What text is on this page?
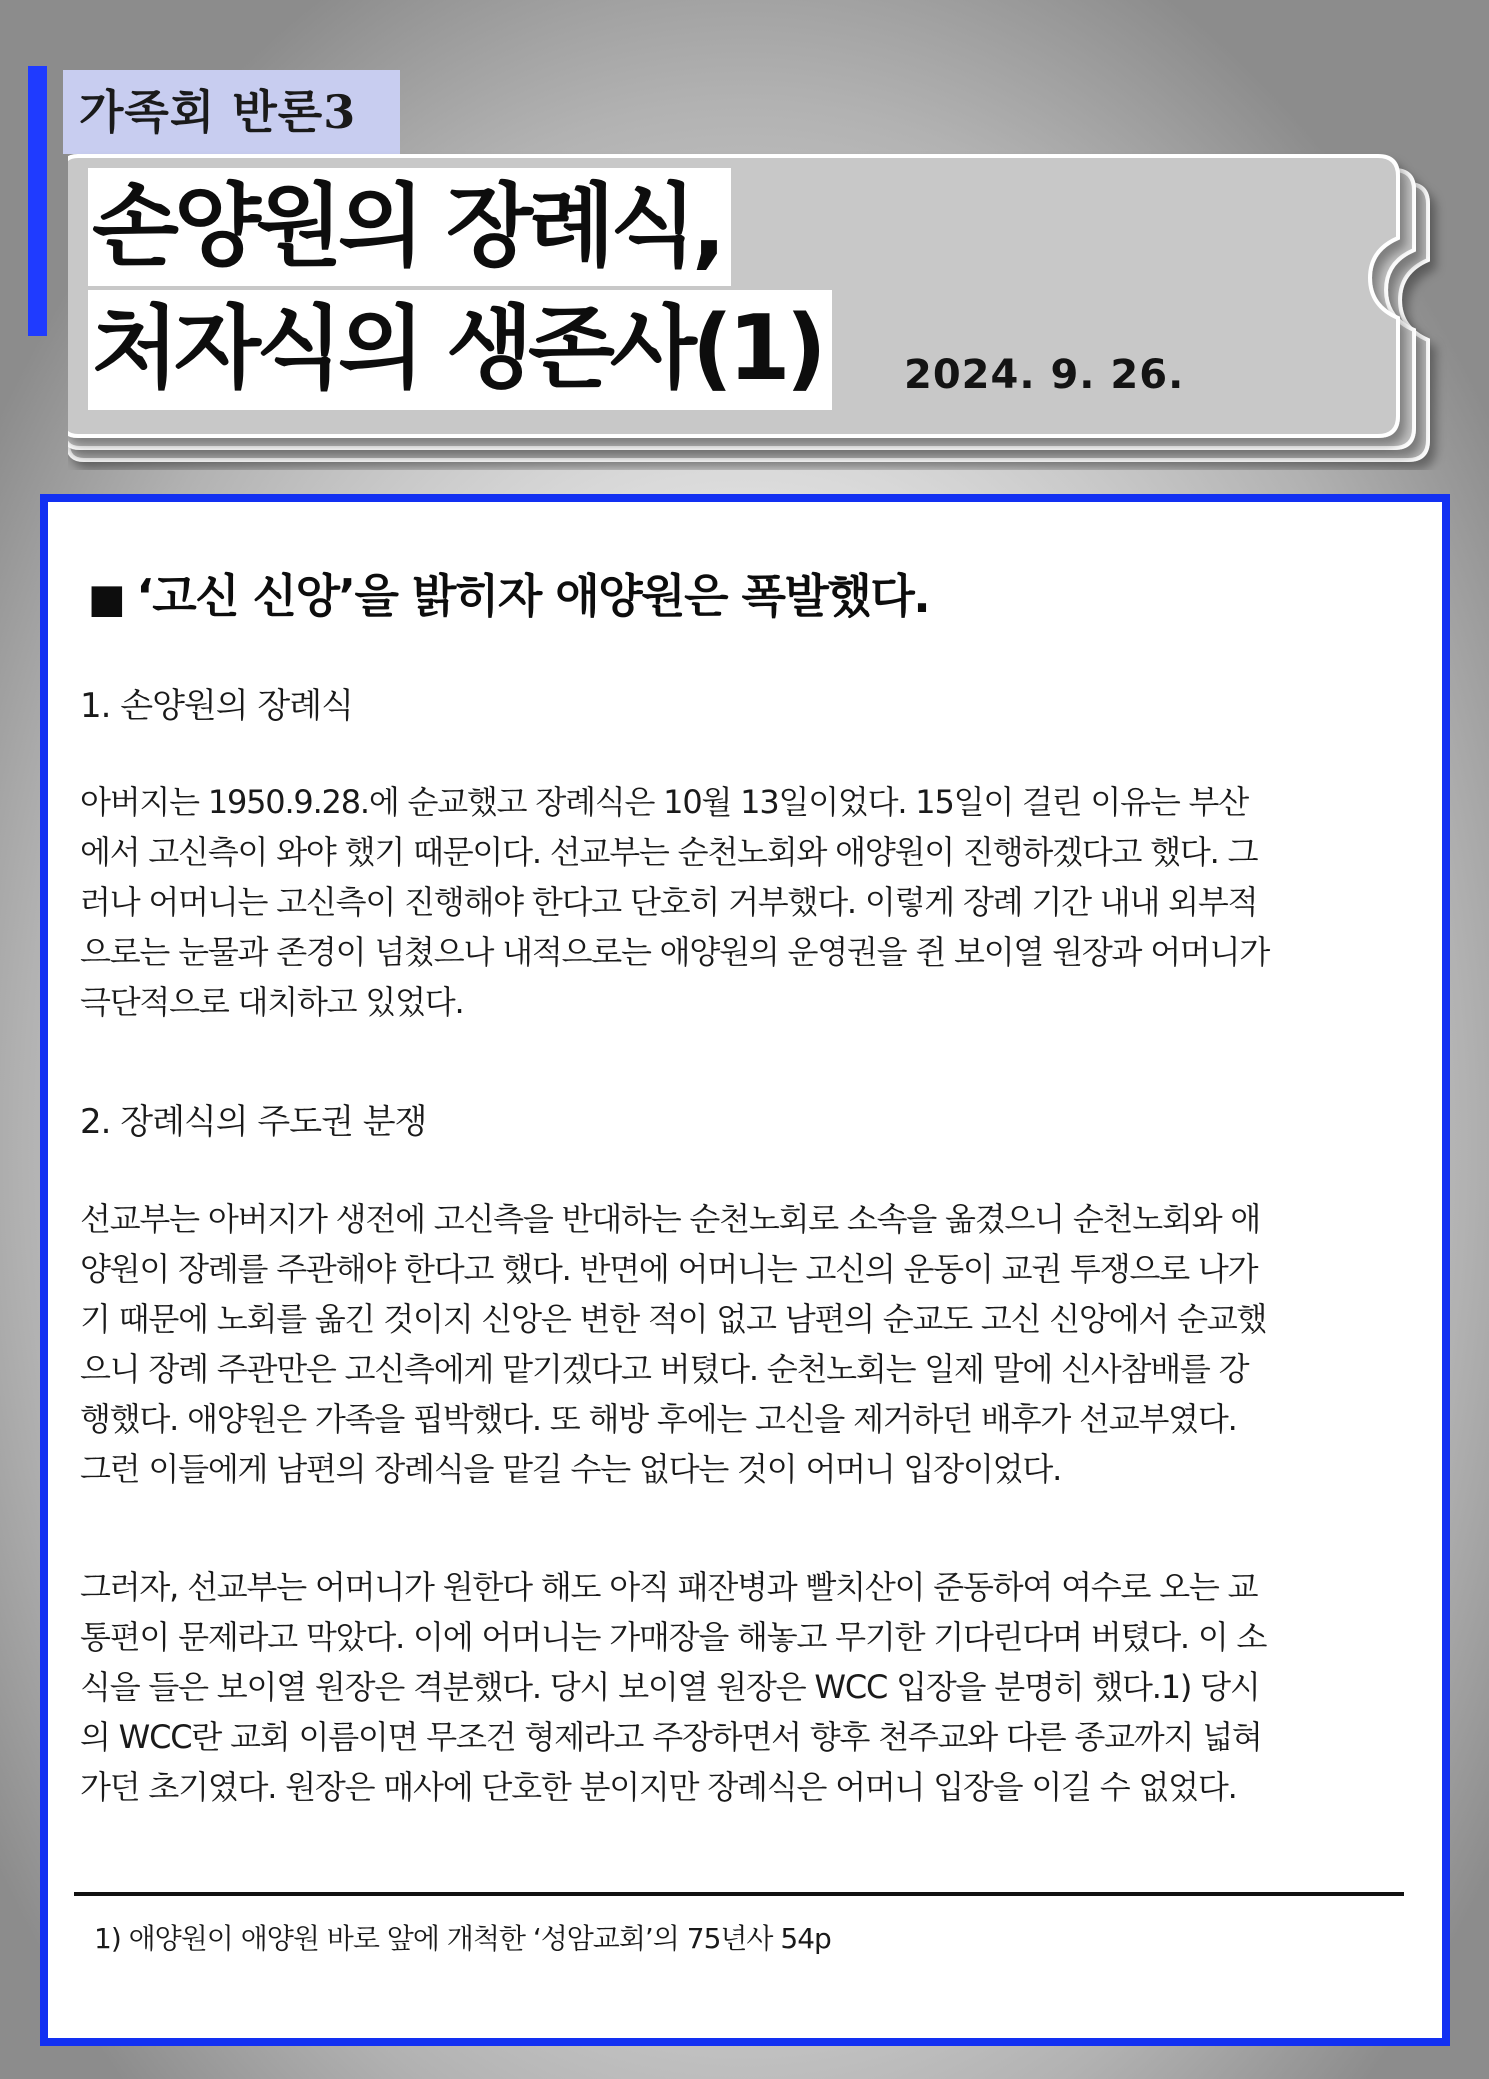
가족회 반론3
손양원의 장례식,
처자식의 생존사(1) 2024. 9. 26.
■ ‘고신 신앙’을 밝히자 애양원은 폭발했다.
1. 손양원의 장례식
아버지는 1950.9.28.에 순교했고 장례식은 10월 13일이었다. 15일이 걸린 이유는 부산
에서 고신측이 와야 했기 때문이다. 선교부는 순천노회와 애양원이 진행하겠다고 했다. 그
러나 어머니는 고신측이 진행해야 한다고 단호히 거부했다. 이렇게 장례 기간 내내 외부적
으로는 눈물과 존경이 넘쳤으나 내적으로는 애양원의 운영권을 쥔 보이열 원장과 어머니가
극단적으로 대치하고 있었다.
2. 장례식의 주도권 분쟁
선교부는 아버지가 생전에 고신측을 반대하는 순천노회로 소속을 옮겼으니 순천노회와 애
양원이 장례를 주관해야 한다고 했다. 반면에 어머니는 고신의 운동이 교권 투쟁으로 나가
기 때문에 노회를 옮긴 것이지 신앙은 변한 적이 없고 남편의 순교도 고신 신앙에서 순교했
으니 장례 주관만은 고신측에게 맡기겠다고 버텼다. 순천노회는 일제 말에 신사참배를 강
행했다. 애양원은 가족을 핍박했다. 또 해방 후에는 고신을 제거하던 배후가 선교부였다.
그런 이들에게 남편의 장례식을 맡길 수는 없다는 것이 어머니 입장이었다.
그러자, 선교부는 어머니가 원한다 해도 아직 패잔병과 빨치산이 준동하여 여수로 오는 교
통편이 문제라고 막았다. 이에 어머니는 가매장을 해놓고 무기한 기다린다며 버텼다. 이 소
식을 들은 보이열 원장은 격분했다. 당시 보이열 원장은 WCC 입장을 분명히 했다.1) 당시
의 WCC란 교회 이름이면 무조건 형제라고 주장하면서 향후 천주교와 다른 종교까지 넓혀
가던 초기였다. 원장은 매사에 단호한 분이지만 장례식은 어머니 입장을 이길 수 없었다.
1) 애양원이 애양원 바로 앞에 개척한 ‘성암교회’의 75년사 54p
